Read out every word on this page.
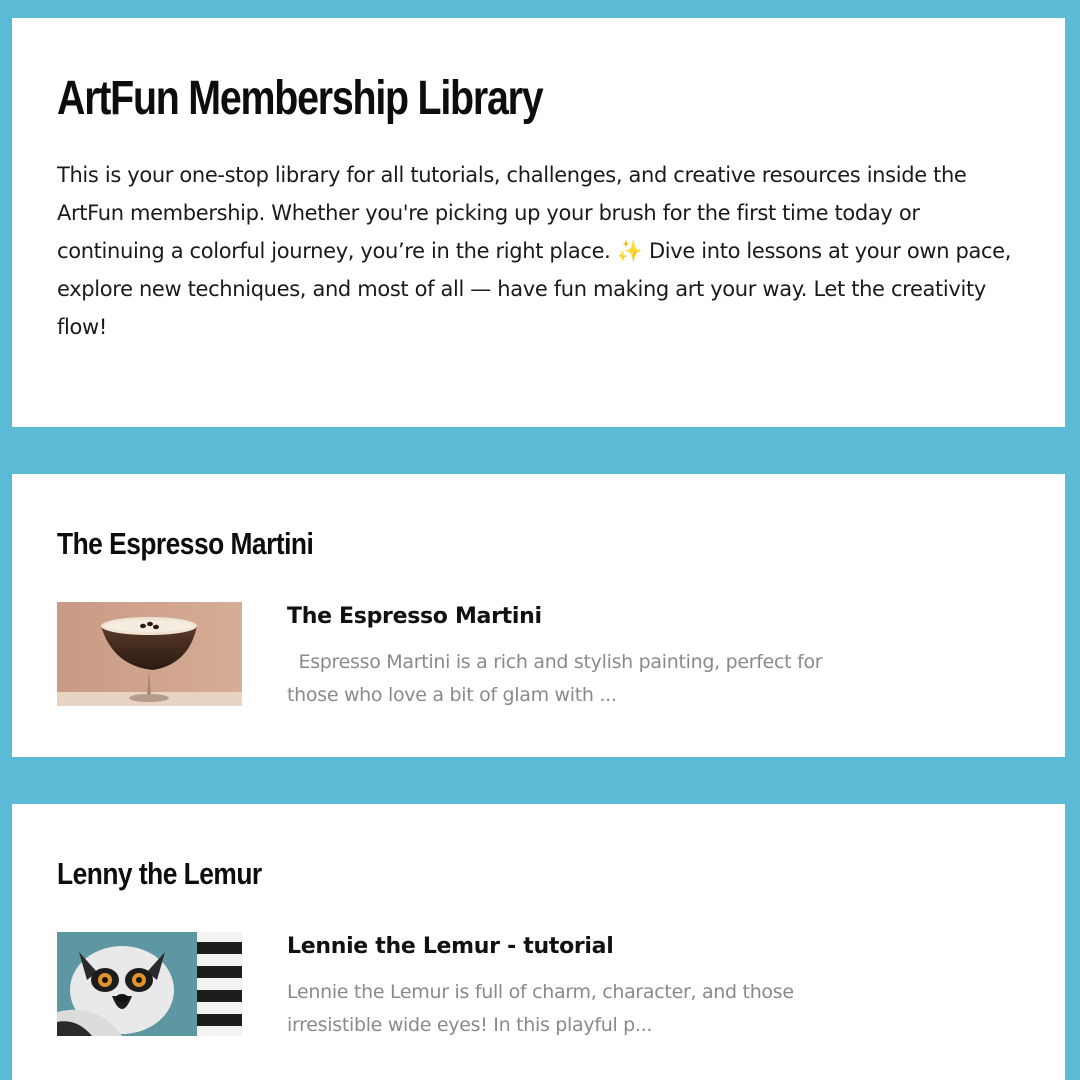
ArtFun Membership Library

This is your one-stop library for all tutorials, challenges, and creative resources inside the ArtFun membership. Whether you're picking up your brush for the first time today or continuing a colorful journey, you’re in the right place. ✨ Dive into lessons at your own pace, explore new techniques, and most of all — have fun making art your way. Let the creativity flow!

The Espresso Martini
The Espresso Martini
Espresso Martini is a rich and stylish painting, perfect for those who love a bit of glam with ...
Lenny the Lemur
Lennie the Lemur - tutorial
Lennie the Lemur is full of charm, character, and those irresistible wide eyes! In this playful p...
